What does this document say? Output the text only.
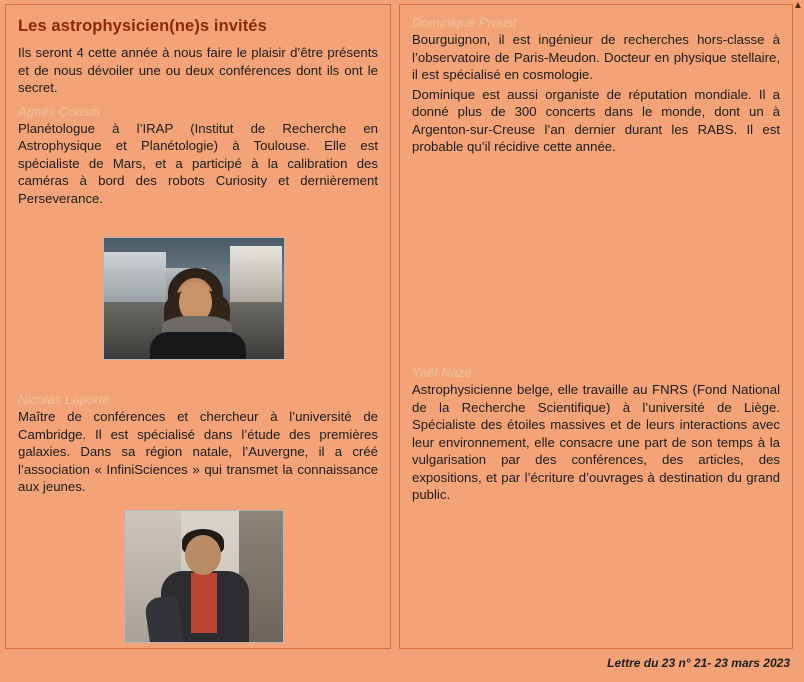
▲
Les astrophysicien(ne)s invités

Ils seront 4 cette année à nous faire le plaisir d’être présents et de nous dévoiler une ou deux conférences dont ils ont le secret.

Agnès Cousin

Planétologue à l’IRAP (Institut de Recherche en Astrophysique et Planétologie) à Toulouse. Elle est spécialiste de Mars, et a participé à la calibration des caméras à bord des robots Curiosity et dernièrement Perseverance.

Nicolas Laporte

Maître de conférences et chercheur à l’université de Cambridge. Il est spécialisé dans l’étude des premières galaxies. Dans sa région natale, l’Auvergne, il a créé l’association « InfiniSciences » qui transmet la connaissance aux jeunes.

Dominique Proust

Bourguignon, il est ingénieur de recherches hors-classe à l’observatoire de Paris-Meudon. Docteur en physique stellaire, il est spécialisé en cosmologie.

Dominique est aussi organiste de réputation mondiale. Il a donné plus de 300 concerts dans le monde, dont un à Argenton-sur-Creuse l’an dernier durant les RABS. Il est probable qu’il récidive cette année.

Yaël Nazé

Astrophysicienne belge, elle travaille au FNRS (Fond National de la Recherche Scientifique) à l’université de Liège. Spécialiste des étoiles massives et de leurs interactions avec leur environnement, elle consacre une part de son temps à la vulgarisation par des conférences, des articles, des expositions, et par l’écriture d’ouvrages à destination du grand public.

Lettre du 23 n° 21- 23 mars 2023
